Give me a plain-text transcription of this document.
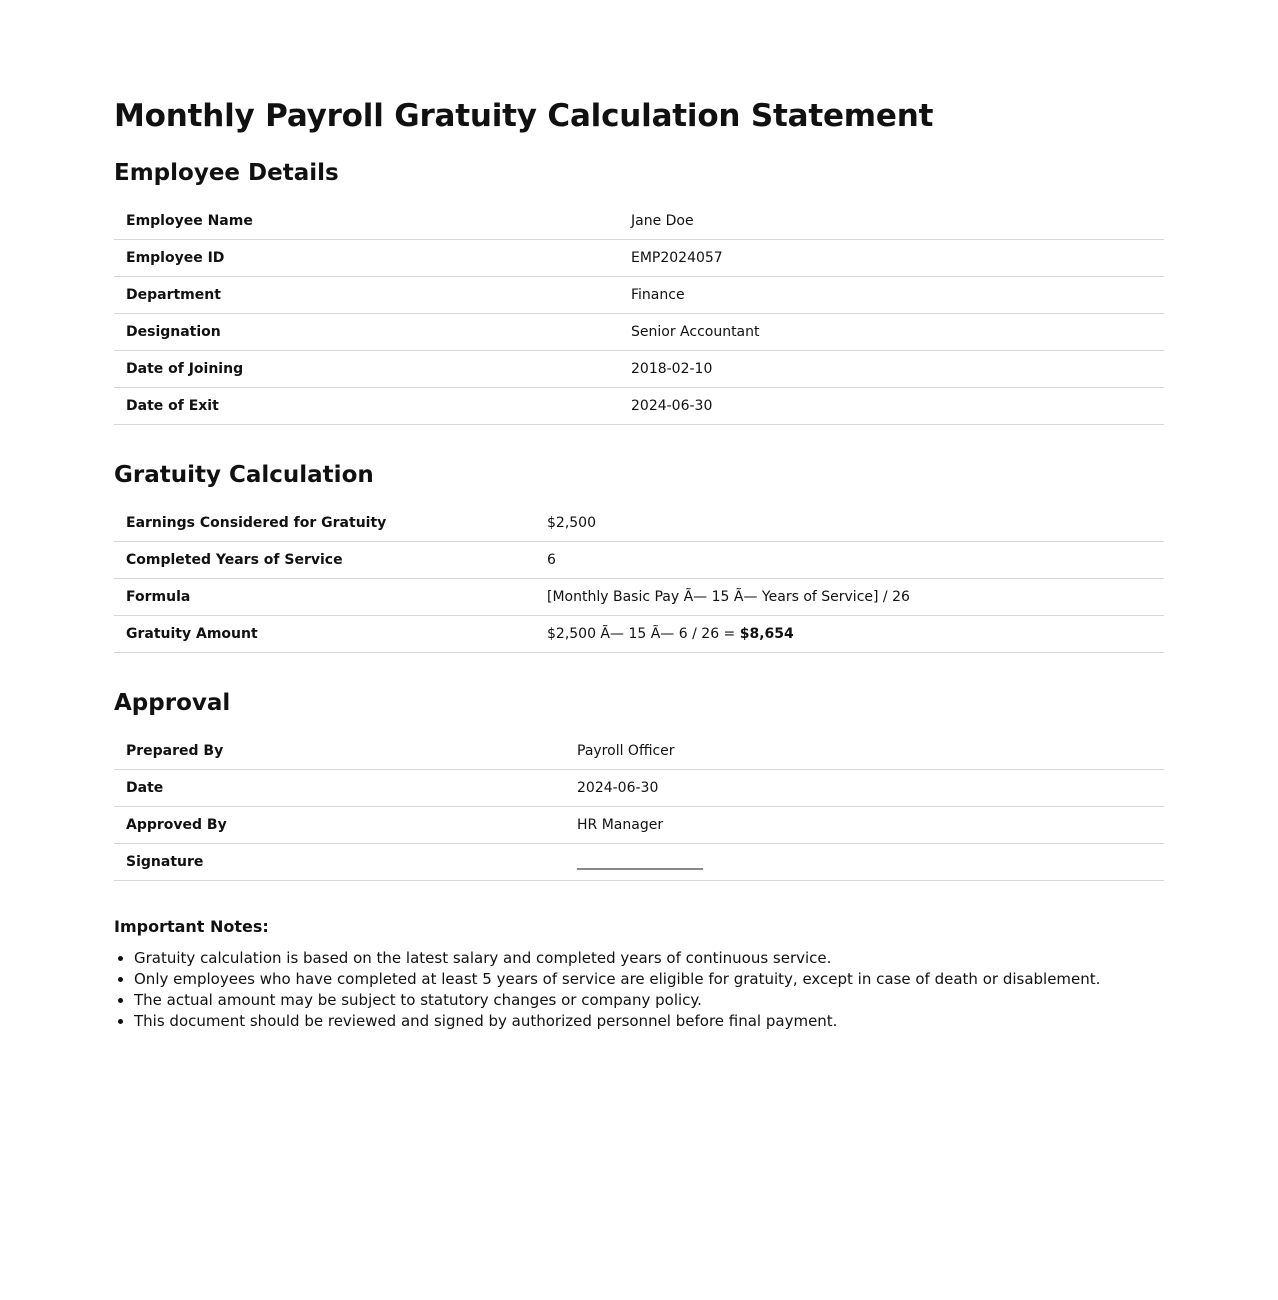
Monthly Payroll Gratuity Calculation Statement
Employee Details
Employee Name	Jane Doe
Employee ID	EMP2024057
Department	Finance
Designation	Senior Accountant
Date of Joining	2018-02-10
Date of Exit	2024-06-30
Gratuity Calculation
Earnings Considered for Gratuity	$2,500
Completed Years of Service	6
Formula	[Monthly Basic Pay Ã— 15 Ã— Years of Service] / 26
Gratuity Amount	$2,500 Ã— 15 Ã— 6 / 26 = $8,654
Approval
Prepared By	Payroll Officer
Date	2024-06-30
Approved By	HR Manager
Signature	__________________
Important Notes:
• Gratuity calculation is based on the latest salary and completed years of continuous service.
• Only employees who have completed at least 5 years of service are eligible for gratuity, except in case of death or disablement.
• The actual amount may be subject to statutory changes or company policy.
• This document should be reviewed and signed by authorized personnel before final payment.
